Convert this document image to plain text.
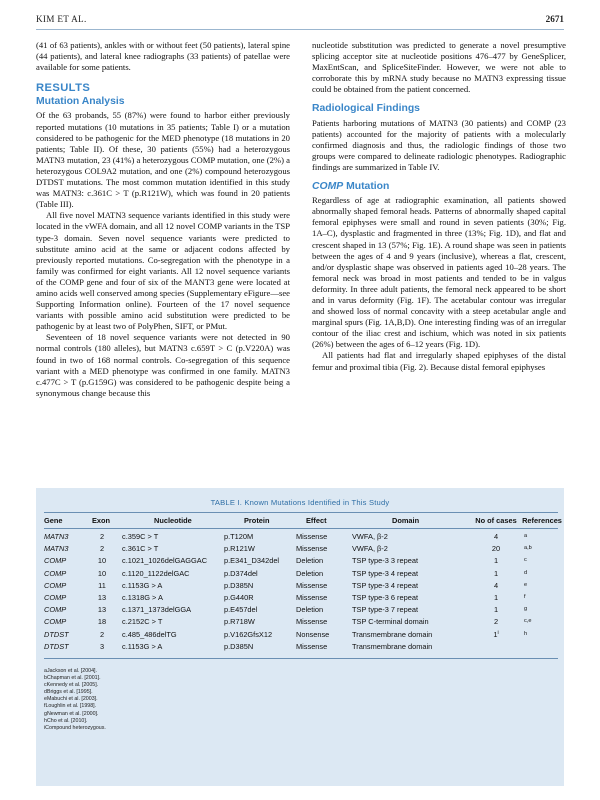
KIM ET AL.	2671

(41 of 63 patients), ankles with or without feet (50 patients), lateral spine (44 patients), and lateral knee radiographs (33 patients) of patellae were available for some patients.

RESULTS
Mutation Analysis

Of the 63 probands, 55 (87%) were found to harbor either previously reported mutations (10 mutations in 35 patients; Table I) or a mutation considered to be pathogenic for the MED phenotype (18 mutations in 20 patients; Table II). Of these, 30 patients (55%) had a heterozygous MATN3 mutation, 23 (41%) a heterozygous COMP mutation, one (2%) a heterozygous COL9A2 mutation, and one (2%) compound heterozygous DTDST mutations. The most common mutation identified in this study was MATN3: c.361C > T (p.R121W), which was found in 20 patients (Table III).

All five novel MATN3 sequence variants identified in this study were located in the vWFA domain, and all 12 novel COMP variants in the TSP type-3 domain. Seven novel sequence variants were predicted to substitute amino acid at the same or adjacent codons affected by previously reported mutations. Co-segregation with the phenotype in a family was confirmed for eight variants. All 12 novel sequence variants of the COMP gene and four of six of the MANT3 gene were located at amino acids well conserved among species (Supplementary eFigure—see Supporting Information online). Fourteen of the 17 novel sequence variants with possible amino acid substitution were predicted to be pathogenic by at least two of PolyPhen, SIFT, or PMut.

Seventeen of 18 novel sequence variants were not detected in 90 normal controls (180 alleles), but MATN3 c.659T > C (p.V220A) was found in two of 168 normal controls. Co-segregation of this sequence variant with a MED phenotype was confirmed in one family. MATN3 c.477C > T (p.G159G) was considered to be pathogenic despite being a synonymous change because this

nucleotide substitution was predicted to generate a novel presumptive splicing acceptor site at nucleotide positions 476–477 by GeneSplicer, MaxEntScan, and SpliceSiteFinder. However, we were not able to corroborate this by mRNA study because no MATN3 expressing tissue could be obtained from the patient concerned.

Radiological Findings

Patients harboring mutations of MATN3 (30 patients) and COMP (23 patients) accounted for the majority of patients with a molecularly confirmed diagnosis and thus, the radiologic findings of those two groups were compared to delineate radiologic phenotypes. Radiographic findings are summarized in Table IV.

COMP Mutation

Regardless of age at radiographic examination, all patients showed abnormally shaped femoral heads. Patterns of abnormally shaped capital femoral epiphyses were small and round in seven patients (30%; Fig. 1A–C), dysplastic and fragmented in three (13%; Fig. 1D), and flat and crescent shaped in 13 (57%; Fig. 1E). A round shape was seen in patients between the ages of 4 and 9 years (inclusive), whereas a flat, crescent, and/or dysplastic shape was observed in patients aged 10–28 years. The femoral neck was broad in most patients and tended to be in valgus deformity. In three adult patients, the femoral neck appeared to be short and in varus deformity (Fig. 1F). The acetabular contour was irregular and showed loss of normal concavity with a steep acetabular angle and marginal spurs (Fig. 1A,B,D). One interesting finding was of an irregular contour of the iliac crest and ischium, which was noted in six patients (26%) between the ages of 6–12 years (Fig. 1D).

All patients had flat and irregularly shaped epiphyses of the distal femur and proximal tibia (Fig. 2). Because distal femoral epiphyses

TABLE I. Known Mutations Identified in This Study
Gene	Exon	Nucleotide	Protein	Effect	Domain	No of cases References
MATN3	2	c.359C > T	p.T120M	Missense	VWFA, β-2	4	$^a$
MATN3	2	c.361C > T	p.R121W	Missense	VWFA, β-2	20	$^{a,b}$
COMP	10	c.1021_1026delGAGGAC p.E341_D342del Deletion	TSP type-3 3 repeat	1	$^c$
COMP	10	c.1120_1122delGAC	p.D374del	Deletion	TSP type-3 4 repeat	1	$^d$
COMP	11	c.1153G > A	p.D385N	Missense	TSP type-3 4 repeat	4	$^e$
COMP	13	c.1318G > A	p.G440R	Missense	TSP type-3 6 repeat	1	$^f$
COMP	13	c.1371_1373delGGA	p.E457del	Deletion	TSP type-3 7 repeat	1	$^g$
COMP	18	c.2152C > T	p.R718W	Missense	TSP C-terminal domain	2	$^{c,e}$
DTDST	2	c.485_486delTG	p.V162GfsX12	Nonsense	Transmembrane domain	1$^i$	$^h$
DTDST	3	c.1153G > A	p.D385N	Missense	Transmembrane domain
aJackson et al. [2004].
bChapman et al. [2001].
cKennedy et al. [2005].
dBriggs et al. [1995].
eMabuchi et al. [2003].
fLoughlin et al. [1998].
gNewman et al. [2000].
hCho et al. [2010].
iCompound heterozygous.
